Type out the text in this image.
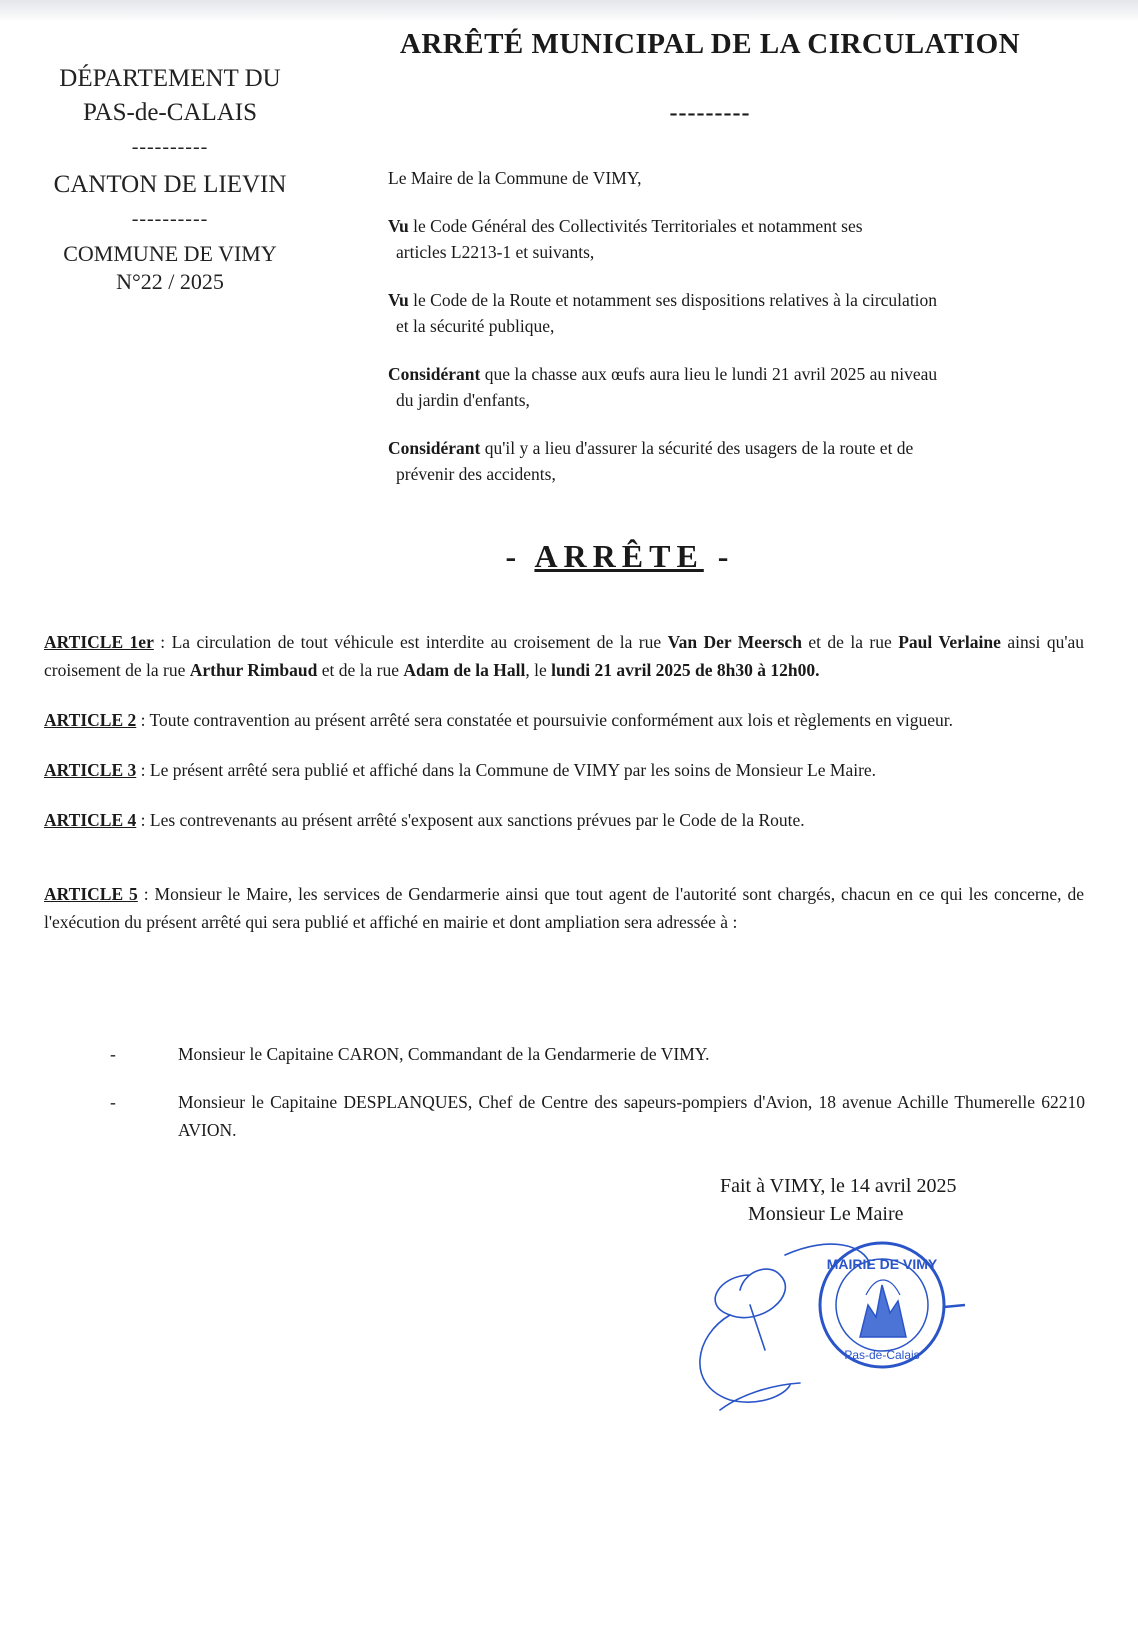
DÉPARTEMENT DU
PAS-de-CALAIS
----------
CANTON DE LIEVIN
----------
COMMUNE DE VIMY
N°22 / 2025
ARRÊTÉ MUNICIPAL DE LA CIRCULATION
---------

Le Maire de la Commune de VIMY,

Vu le Code Général des Collectivités Territoriales et notamment ses
articles L2213-1 et suivants,

Vu le Code de la Route et notamment ses dispositions relatives à la circulation
et la sécurité publique,

Considérant que la chasse aux œufs aura lieu le lundi 21 avril 2025 au niveau
du jardin d'enfants,

Considérant qu'il y a lieu d'assurer la sécurité des usagers de la route et de
prévenir des accidents,

- ARRÊTE -

ARTICLE 1er : La circulation de tout véhicule est interdite au croisement de la rue Van Der Meersch et de la rue Paul Verlaine ainsi qu'au croisement de la rue Arthur Rimbaud et de la rue Adam de la Hall, le lundi 21 avril 2025 de 8h30 à 12h00.

ARTICLE 2 : Toute contravention au présent arrêté sera constatée et poursuivie conformément aux lois et règlements en vigueur.

ARTICLE 3 : Le présent arrêté sera publié et affiché dans la Commune de VIMY par les soins de Monsieur Le Maire.

ARTICLE 4 : Les contrevenants au présent arrêté s'exposent aux sanctions prévues par le Code de la Route.

ARTICLE 5 : Monsieur le Maire, les services de Gendarmerie ainsi que tout agent de l'autorité sont chargés, chacun en ce qui les concerne, de l'exécution du présent arrêté qui sera publié et affiché en mairie et dont ampliation sera adressée à :

-	Monsieur le Capitaine CARON, Commandant de la Gendarmerie de VIMY.
-	Monsieur le Capitaine DESPLANQUES, Chef de Centre des sapeurs-pompiers d'Avion, 18 avenue Achille Thumerelle 62210 AVION.
Fait à VIMY, le 14 avril 2025
Monsieur Le Maire
MAIRIE DE VIMY
Pas-de-Calais
